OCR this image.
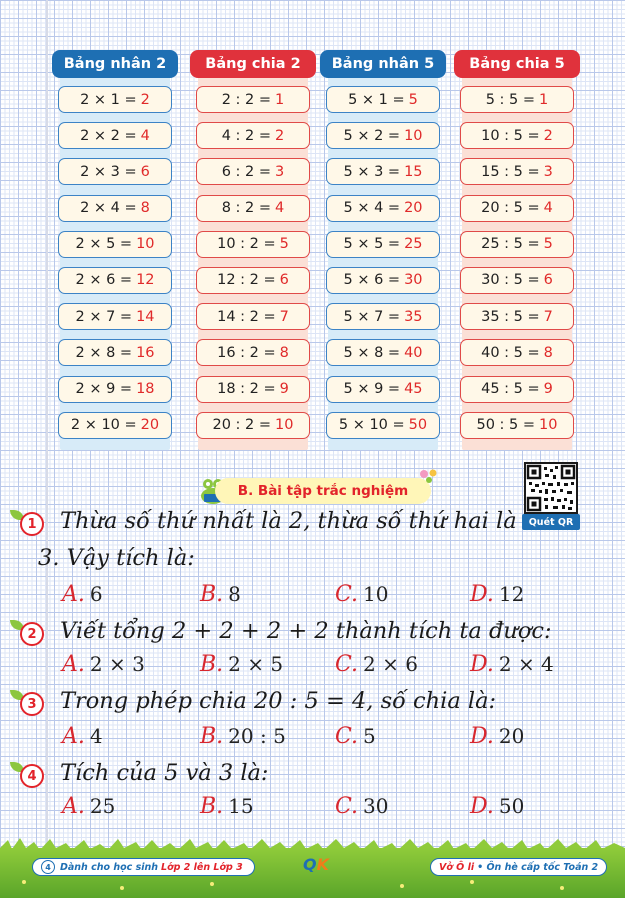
Bảng nhân 2
2 × 1 = 2
2 × 2 = 4
2 × 3 = 6
2 × 4 = 8
2 × 5 = 10
2 × 6 = 12
2 × 7 = 14
2 × 8 = 16
2 × 9 = 18
2 × 10 = 20
Bảng chia 2
2 : 2 = 1
4 : 2 = 2
6 : 2 = 3
8 : 2 = 4
10 : 2 = 5
12 : 2 = 6
14 : 2 = 7
16 : 2 = 8
18 : 2 = 9
20 : 2 = 10
Bảng nhân 5
5 × 1 = 5
5 × 2 = 10
5 × 3 = 15
5 × 4 = 20
5 × 5 = 25
5 × 6 = 30
5 × 7 = 35
5 × 8 = 40
5 × 9 = 45
5 × 10 = 50
Bảng chia 5
5 : 5 = 1
10 : 5 = 2
15 : 5 = 3
20 : 5 = 4
25 : 5 = 5
30 : 5 = 6
35 : 5 = 7
40 : 5 = 8
45 : 5 = 9
50 : 5 = 10
B. Bài tập trắc nghiệm
Quét QR
1	Thừa số thứ nhất là 2, thừa số thứ hai là
3. Vậy tích là:
A. 6	B. 8	C. 10	D. 12
2	Viết tổng 2 + 2 + 2 + 2 thành tích ta được:
A. 2 × 3	B. 2 × 5 C. 2 × 6 D. 2 × 4
3	Trong phép chia 20 : 5 = 4, số chia là:
A. 4	B. 20 : 5 C. 5	D. 20
4	Tích của 5 và 3 là:
A. 25	B. 15	C. 30	D. 50
4 Dành cho học sinh Lớp 2 lên Lớp 3	Q K	Vở Ô li • Ôn hè cấp tốc Toán 2
